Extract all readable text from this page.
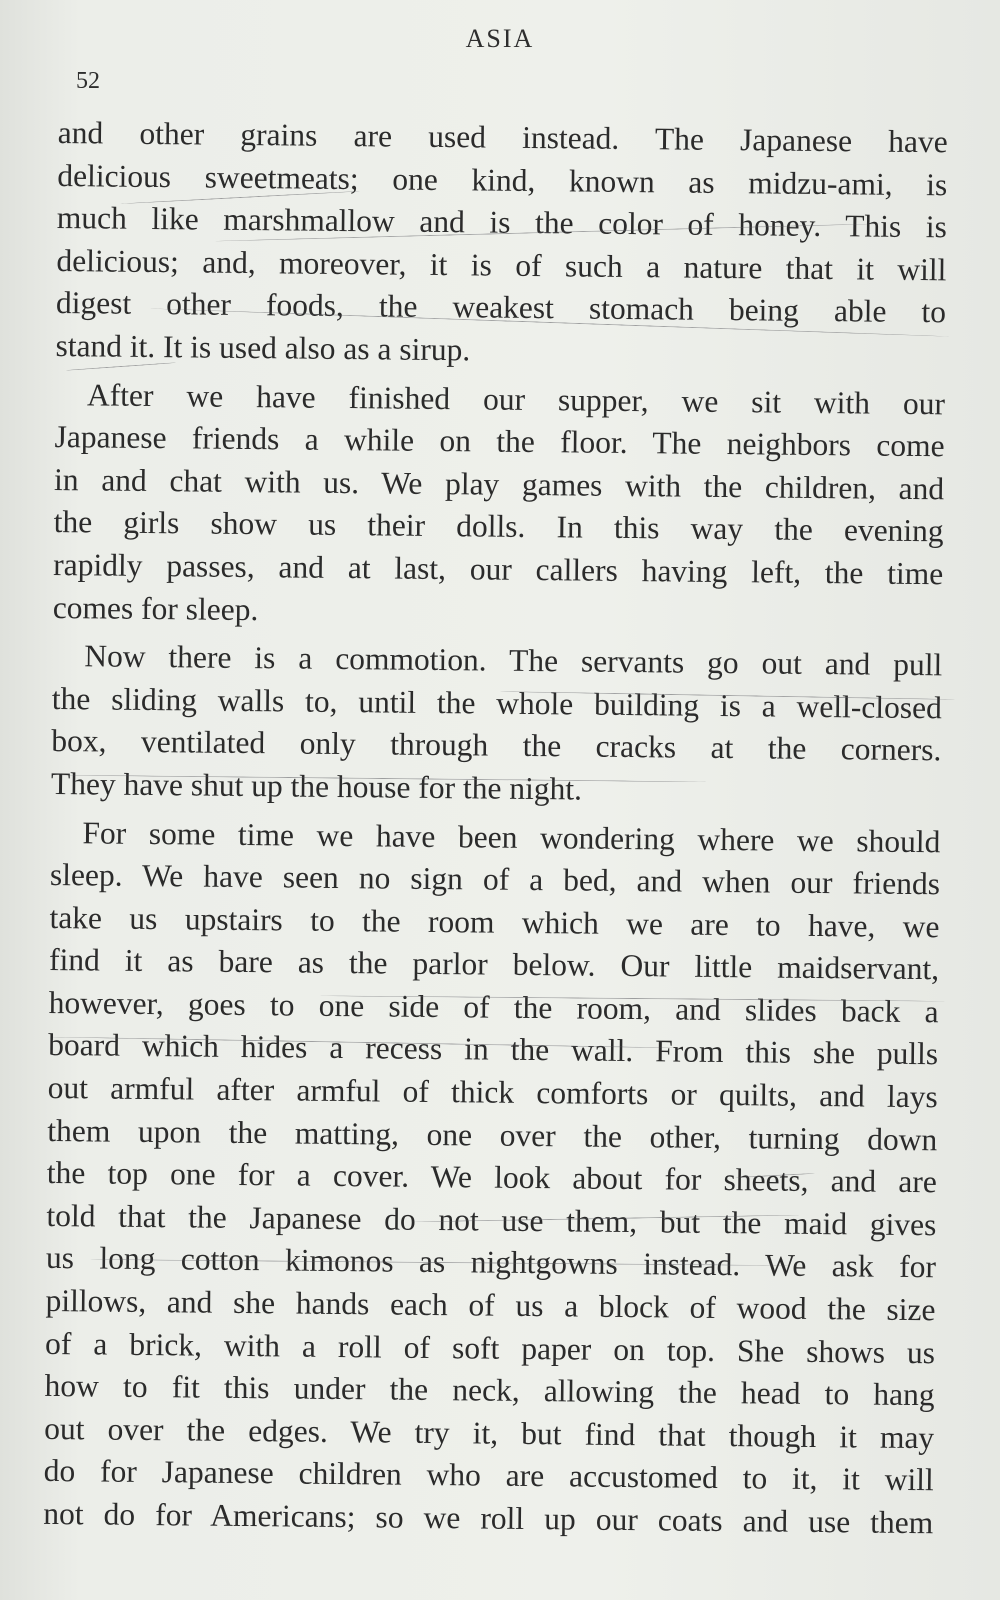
ASIA
52
and other grains are used instead. The Japanese have
delicious sweetmeats; one kind, known as midzu-ami, is
much like marshmallow and is the color of honey. This is
delicious; and, moreover, it is of such a nature that it will
digest other foods, the weakest stomach being able to
stand it. It is used also as a sirup.
After we have finished our supper, we sit with our
Japanese friends a while on the floor. The neighbors come
in and chat with us. We play games with the children, and
the girls show us their dolls. In this way the evening
rapidly passes, and at last, our callers having left, the time
comes for sleep.
Now there is a commotion. The servants go out and pull
the sliding walls to, until the whole building is a well-closed
box, ventilated only through the cracks at the corners.
They have shut up the house for the night.
For some time we have been wondering where we should
sleep. We have seen no sign of a bed, and when our friends
take us upstairs to the room which we are to have, we
find it as bare as the parlor below. Our little maidservant,
however, goes to one side of the room, and slides back a
board which hides a recess in the wall. From this she pulls
out armful after armful of thick comforts or quilts, and lays
them upon the matting, one over the other, turning down
the top one for a cover. We look about for sheets, and are
told that the Japanese do not use them, but the maid gives
us long cotton kimonos as nightgowns instead. We ask for
pillows, and she hands each of us a block of wood the size
of a brick, with a roll of soft paper on top. She shows us
how to fit this under the neck, allowing the head to hang
out over the edges. We try it, but find that though it may
do for Japanese children who are accustomed to it, it will
not do for Americans; so we roll up our coats and use them
